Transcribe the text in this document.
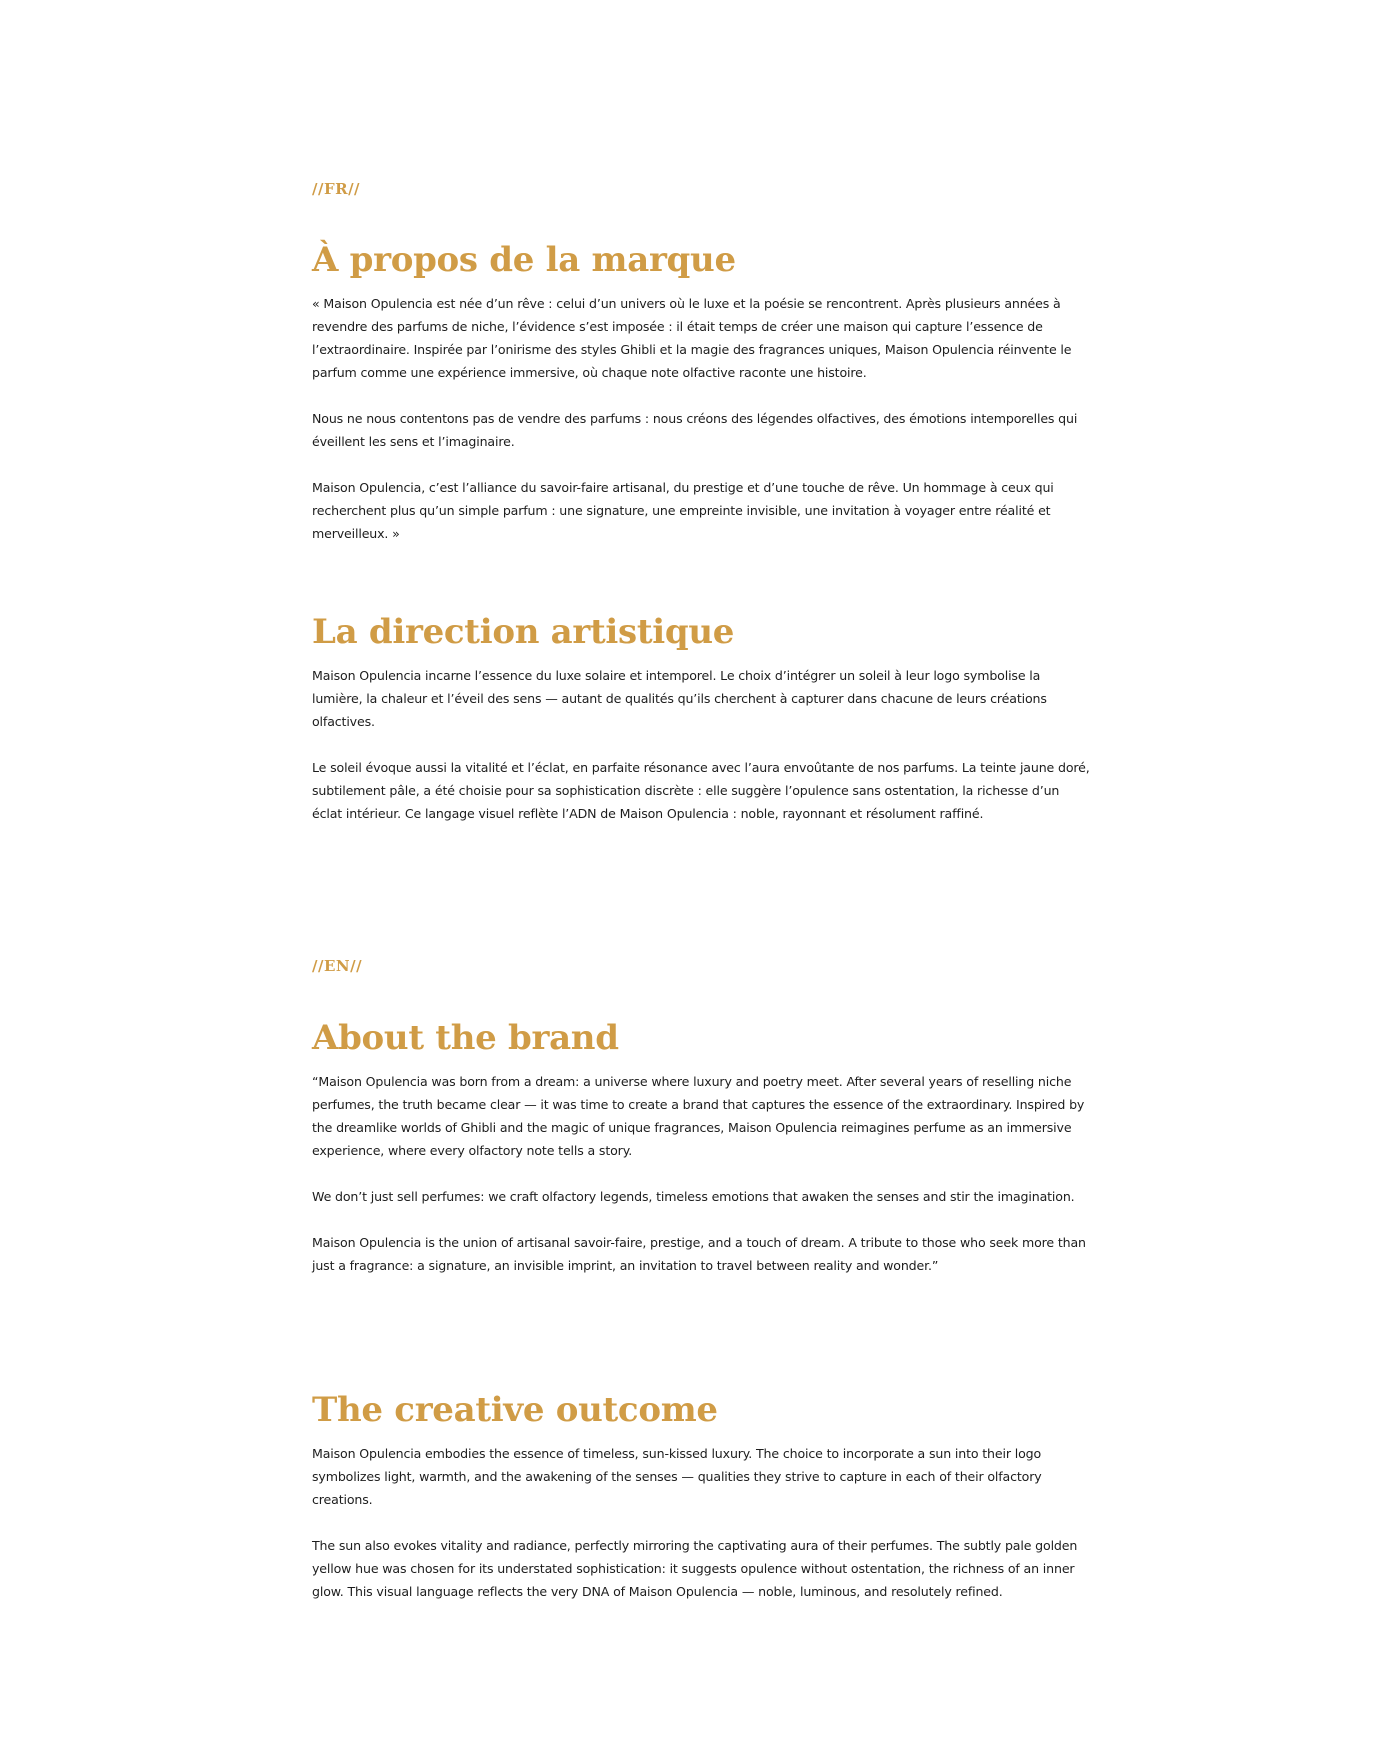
//FR//
À propos de la marque

« Maison Opulencia est née d’un rêve : celui d’un univers où le luxe et la poésie se rencontrent. Après plusieurs années à revendre des parfums de niche, l’évidence s’est imposée : il était temps de créer une maison qui capture l’essence de l’extraordinaire. Inspirée par l’onirisme des styles Ghibli et la magie des fragrances uniques, Maison Opulencia réinvente le parfum comme une expérience immersive, où chaque note olfactive raconte une histoire.

Nous ne nous contentons pas de vendre des parfums : nous créons des légendes olfactives, des émotions intemporelles qui éveillent les sens et l’imaginaire.

Maison Opulencia, c’est l’alliance du savoir-faire artisanal, du prestige et d’une touche de rêve. Un hommage à ceux qui recherchent plus qu’un simple parfum : une signature, une empreinte invisible, une invitation à voyager entre réalité et merveilleux. »

La direction artistique

Maison Opulencia incarne l’essence du luxe solaire et intemporel. Le choix d’intégrer un soleil à leur logo symbolise la lumière, la chaleur et l’éveil des sens — autant de qualités qu’ils cherchent à capturer dans chacune de leurs créations olfactives.

Le soleil évoque aussi la vitalité et l’éclat, en parfaite résonance avec l’aura envoûtante de nos parfums. La teinte jaune doré, subtilement pâle, a été choisie pour sa sophistication discrète : elle suggère l’opulence sans ostentation, la richesse d’un éclat intérieur. Ce langage visuel reflète l’ADN de Maison Opulencia : noble, rayonnant et résolument raffiné.

//EN//
About the brand

“Maison Opulencia was born from a dream: a universe where luxury and poetry meet. After several years of reselling niche perfumes, the truth became clear — it was time to create a brand that captures the essence of the extraordinary. Inspired by the dreamlike worlds of Ghibli and the magic of unique fragrances, Maison Opulencia reimagines perfume as an immersive experience, where every olfactory note tells a story.

We don’t just sell perfumes: we craft olfactory legends, timeless emotions that awaken the senses and stir the imagination.

Maison Opulencia is the union of artisanal savoir-faire, prestige, and a touch of dream. A tribute to those who seek more than just a fragrance: a signature, an invisible imprint, an invitation to travel between reality and wonder.”

The creative outcome

Maison Opulencia embodies the essence of timeless, sun-kissed luxury. The choice to incorporate a sun into their logo symbolizes light, warmth, and the awakening of the senses — qualities they strive to capture in each of their olfactory creations.

The sun also evokes vitality and radiance, perfectly mirroring the captivating aura of their perfumes. The subtly pale golden yellow hue was chosen for its understated sophistication: it suggests opulence without ostentation, the richness of an inner glow. This visual language reflects the very DNA of Maison Opulencia — noble, luminous, and resolutely refined.
